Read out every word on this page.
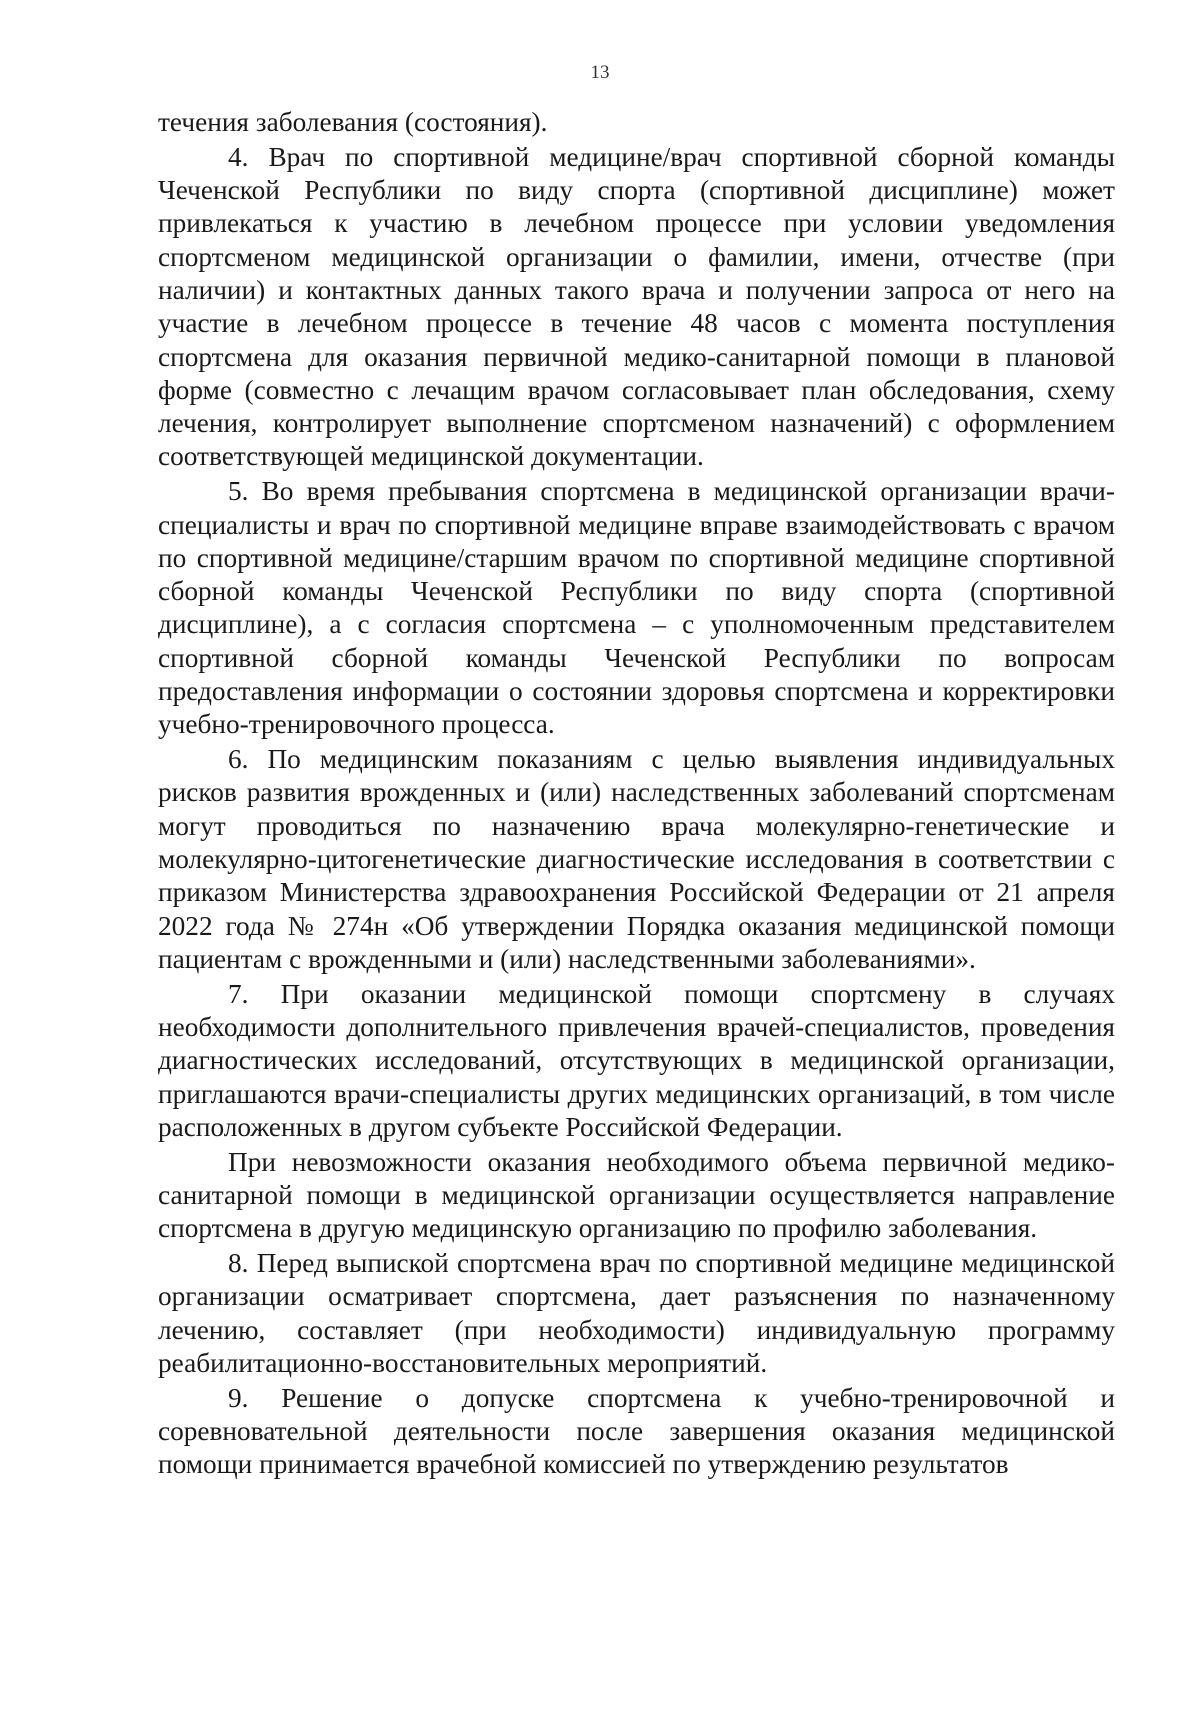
13

течения заболевания (состояния).

4. Врач по спортивной медицине/врач спортивной сборной команды Чеченской Республики по виду спорта (спортивной дисциплине) может привлекаться к участию в лечебном процессе при условии уведомления спортсменом медицинской организации о фамилии, имени, отчестве (при наличии) и контактных данных такого врача и получении запроса от него на участие в лечебном процессе в течение 48 часов с момента поступления спортсмена для оказания первичной медико-санитарной помощи в плановой форме (совместно с лечащим врачом согласовывает план обследования, схему лечения, контролирует выполнение спортсменом назначений) с оформлением соответствующей медицинской документации.

5. Во время пребывания спортсмена в медицинской организации врачи-специалисты и врач по спортивной медицине вправе взаимодействовать с врачом по спортивной медицине/старшим врачом по спортивной медицине спортивной сборной команды Чеченской Республики по виду спорта (спортивной дисциплине), а с согласия спортсмена – с уполномоченным представителем спортивной сборной команды Чеченской Республики по вопросам предоставления информации о состоянии здоровья спортсмена и корректировки учебно-тренировочного процесса.

6. По медицинским показаниям с целью выявления индивидуальных рисков развития врожденных и (или) наследственных заболеваний спортсменам могут проводиться по назначению врача молекулярно-генетические и молекулярно-цитогенетические диагностические исследования в соответствии с приказом Министерства здравоохранения Российской Федерации от 21 апреля 2022 года № 274н «Об утверждении Порядка оказания медицинской помощи пациентам с врожденными и (или) наследственными заболеваниями».

7. При оказании медицинской помощи спортсмену в случаях необходимости дополнительного привлечения врачей-специалистов, проведения диагностических исследований, отсутствующих в медицинской организации, приглашаются врачи-специалисты других медицинских организаций, в том числе расположенных в другом субъекте Российской Федерации.

При невозможности оказания необходимого объема первичной медико-санитарной помощи в медицинской организации осуществляется направление спортсмена в другую медицинскую организацию по профилю заболевания.

8. Перед выпиской спортсмена врач по спортивной медицине медицинской организации осматривает спортсмена, дает разъяснения по назначенному лечению, составляет (при необходимости) индивидуальную программу реабилитационно-восстановительных мероприятий.

9. Решение о допуске спортсмена к учебно-тренировочной и соревновательной деятельности после завершения оказания медицинской помощи принимается врачебной комиссией по утверждению результатов
